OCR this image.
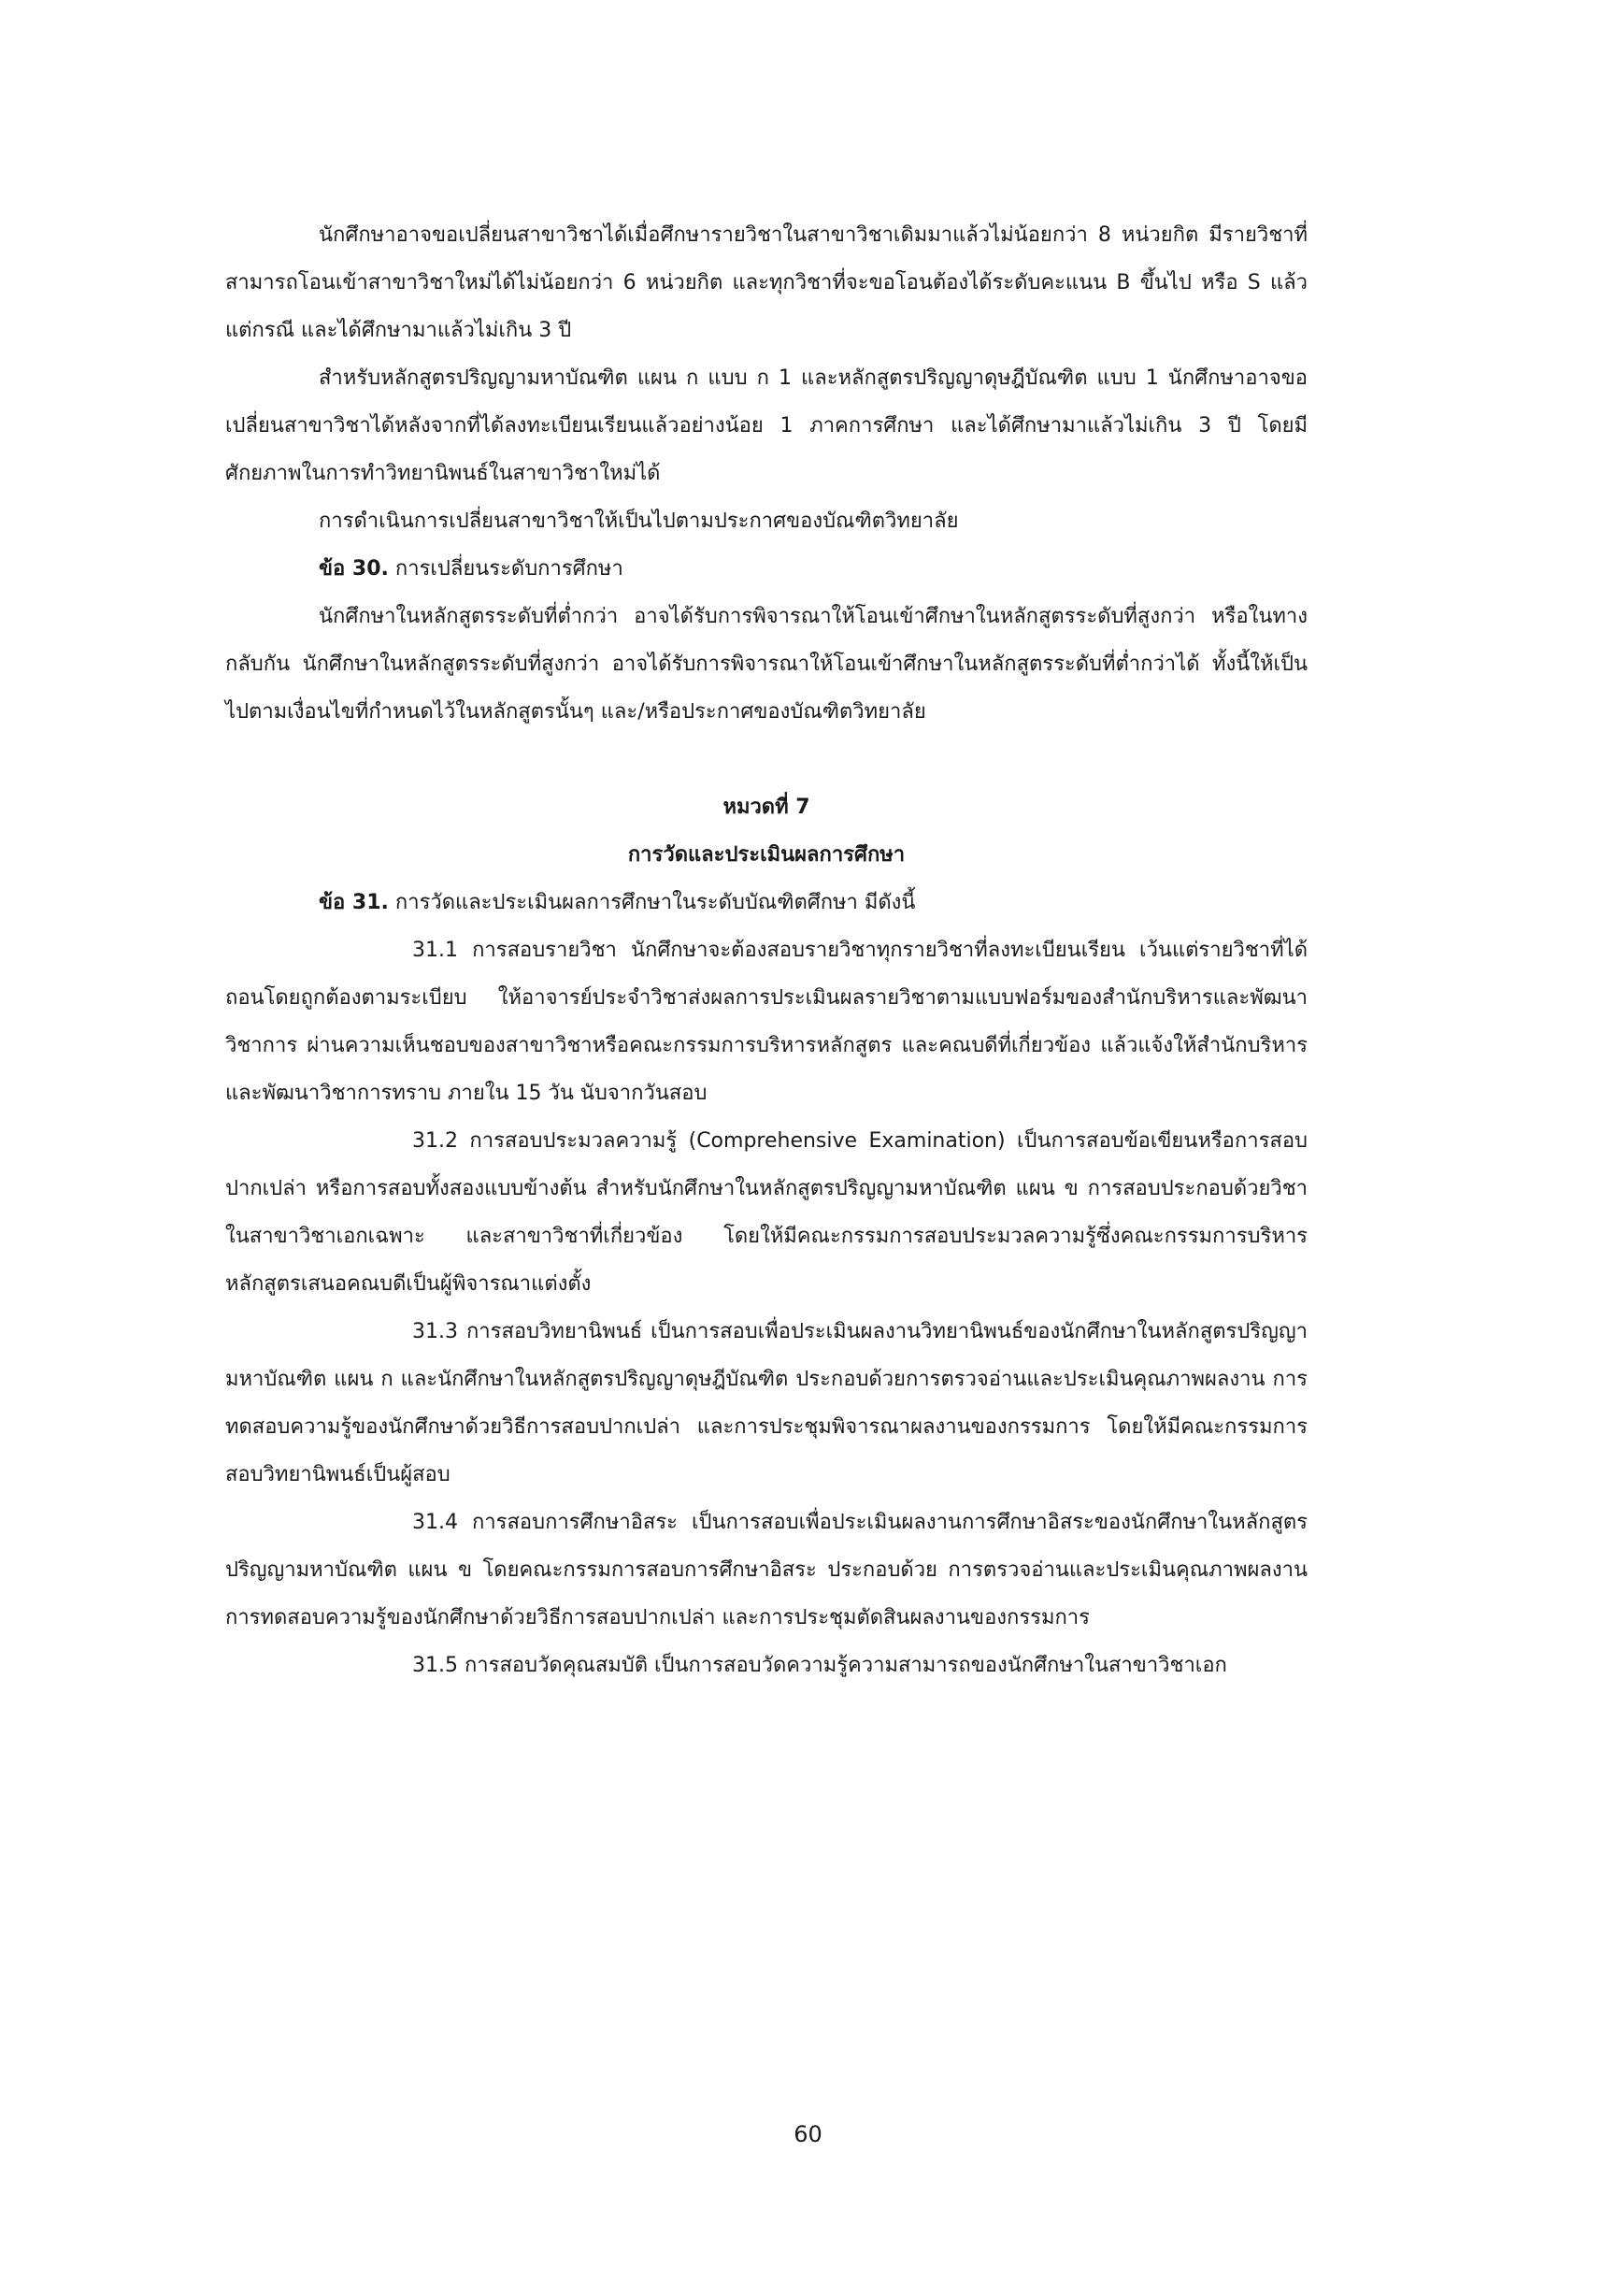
นักศึกษาอาจขอเปลี่ยนสาขาวิชาได้เมื่อศึกษารายวิชาในสาขาวิชาเดิมมาแล้วไม่น้อยกว่า 8 หน่วยกิต มีรายวิชาที่สามารถโอนเข้าสาขาวิชาใหม่ได้ไม่น้อยกว่า 6 หน่วยกิต และทุกวิชาที่จะขอโอนต้องได้ระดับคะแนน B ขึ้นไป หรือ S แล้วแต่กรณี และได้ศึกษามาแล้วไม่เกิน 3 ปี

สำหรับหลักสูตรปริญญามหาบัณฑิต แผน ก แบบ ก 1 และหลักสูตรปริญญาดุษฎีบัณฑิต แบบ 1 นักศึกษาอาจขอเปลี่ยนสาขาวิชาได้หลังจากที่ได้ลงทะเบียนเรียนแล้วอย่างน้อย 1 ภาคการศึกษา และได้ศึกษามาแล้วไม่เกิน 3 ปี โดยมีศักยภาพในการทำวิทยานิพนธ์ในสาขาวิชาใหม่ได้

การดำเนินการเปลี่ยนสาขาวิชาให้เป็นไปตามประกาศของบัณฑิตวิทยาลัย

ข้อ 30. การเปลี่ยนระดับการศึกษา

นักศึกษาในหลักสูตรระดับที่ต่ำกว่า อาจได้รับการพิจารณาให้โอนเข้าศึกษาในหลักสูตรระดับที่สูงกว่า หรือในทางกลับกัน นักศึกษาในหลักสูตรระดับที่สูงกว่า อาจได้รับการพิจารณาให้โอนเข้าศึกษาในหลักสูตรระดับที่ต่ำกว่าได้ ทั้งนี้ให้เป็นไปตามเงื่อนไขที่กำหนดไว้ในหลักสูตรนั้นๆ และ/หรือประกาศของบัณฑิตวิทยาลัย

หมวดที่ 7

การวัดและประเมินผลการศึกษา

ข้อ 31. การวัดและประเมินผลการศึกษาในระดับบัณฑิตศึกษา มีดังนี้

31.1 การสอบรายวิชา นักศึกษาจะต้องสอบรายวิชาทุกรายวิชาที่ลงทะเบียนเรียน เว้นแต่รายวิชาที่ได้ถอนโดยถูกต้องตามระเบียบ ให้อาจารย์ประจำวิชาส่งผลการประเมินผลรายวิชาตามแบบฟอร์มของสำนักบริหารและพัฒนาวิชาการ ผ่านความเห็นชอบของสาขาวิชาหรือคณะกรรมการบริหารหลักสูตร และคณบดีที่เกี่ยวข้อง แล้วแจ้งให้สำนักบริหารและพัฒนาวิชาการทราบ ภายใน 15 วัน นับจากวันสอบ

31.2 การสอบประมวลความรู้ (Comprehensive Examination) เป็นการสอบข้อเขียนหรือการสอบปากเปล่า หรือการสอบทั้งสองแบบข้างต้น สำหรับนักศึกษาในหลักสูตรปริญญามหาบัณฑิต แผน ข การสอบประกอบด้วยวิชาในสาขาวิชาเอกเฉพาะ และสาขาวิชาที่เกี่ยวข้อง โดยให้มีคณะกรรมการสอบประมวลความรู้ซึ่งคณะกรรมการบริหารหลักสูตรเสนอคณบดีเป็นผู้พิจารณาแต่งตั้ง

31.3 การสอบวิทยานิพนธ์ เป็นการสอบเพื่อประเมินผลงานวิทยานิพนธ์ของนักศึกษาในหลักสูตรปริญญามหาบัณฑิต แผน ก และนักศึกษาในหลักสูตรปริญญาดุษฎีบัณฑิต ประกอบด้วยการตรวจอ่านและประเมินคุณภาพผลงาน การทดสอบความรู้ของนักศึกษาด้วยวิธีการสอบปากเปล่า และการประชุมพิจารณาผลงานของกรรมการ โดยให้มีคณะกรรมการสอบวิทยานิพนธ์เป็นผู้สอบ

31.4 การสอบการศึกษาอิสระ เป็นการสอบเพื่อประเมินผลงานการศึกษาอิสระของนักศึกษาในหลักสูตรปริญญามหาบัณฑิต แผน ข โดยคณะกรรมการสอบการศึกษาอิสระ ประกอบด้วย การตรวจอ่านและประเมินคุณภาพผลงาน การทดสอบความรู้ของนักศึกษาด้วยวิธีการสอบปากเปล่า และการประชุมตัดสินผลงานของกรรมการ

31.5 การสอบวัดคุณสมบัติ เป็นการสอบวัดความรู้ความสามารถของนักศึกษาในสาขาวิชาเอก

60
